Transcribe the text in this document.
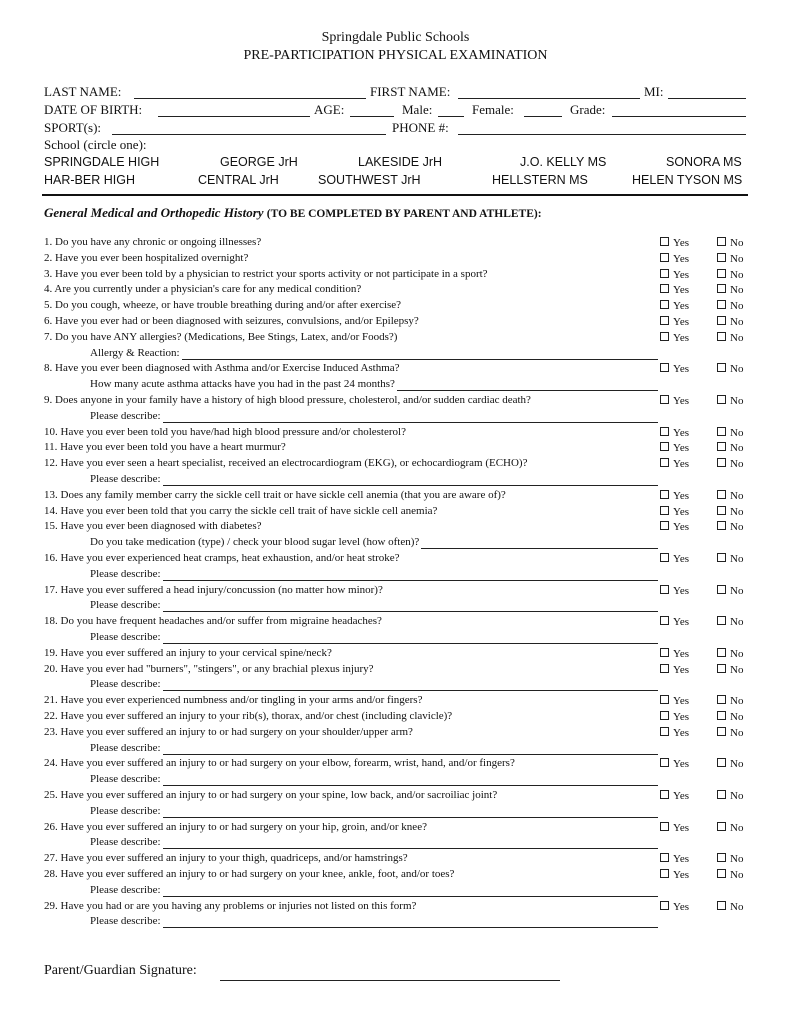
Springdale Public Schools
PRE-PARTICIPATION PHYSICAL EXAMINATION
LAST NAME:	FIRST NAME:	MI:
DATE OF BIRTH:	AGE:	Male:	Female:	Grade:
SPORT(s):	PHONE #:
School (circle one):
SPRINGDALE HIGH	GEORGE JrH	LAKESIDE JrH	J.O. KELLY MS	SONORA MS
HAR-BER HIGH	CENTRAL JrH	SOUTHWEST JrH	HELLSTERN MS	HELEN TYSON MS
General Medical and Orthopedic History (TO BE COMPLETED BY PARENT AND ATHLETE):
1. Do you have any chronic or ongoing illnesses?	Yes	No
2. Have you ever been hospitalized overnight?	Yes	No
3. Have you ever been told by a physician to restrict your sports activity or not participate in a sport?	Yes	No
4. Are you currently under a physician's care for any medical condition?	Yes	No
5. Do you cough, wheeze, or have trouble breathing during and/or after exercise?	Yes	No
6. Have you ever had or been diagnosed with seizures, convulsions, and/or Epilepsy?	Yes	No
7. Do you have ANY allergies? (Medications, Bee Stings, Latex, and/or Foods?)	Yes	No
Allergy & Reaction:
8. Have you ever been diagnosed with Asthma and/or Exercise Induced Asthma?	Yes	No
How many acute asthma attacks have you had in the past 24 months?
9. Does anyone in your family have a history of high blood pressure, cholesterol, and/or sudden cardiac death?	Yes	No
Please describe:
10. Have you ever been told you have/had high blood pressure and/or cholesterol?	Yes	No
11. Have you ever been told you have a heart murmur?	Yes	No
12. Have you ever seen a heart specialist, received an electrocardiogram (EKG), or echocardiogram (ECHO)?	Yes	No
Please describe:
13. Does any family member carry the sickle cell trait or have sickle cell anemia (that you are aware of)?	Yes	No
14. Have you ever been told that you carry the sickle cell trait of have sickle cell anemia?	Yes	No
15. Have you ever been diagnosed with diabetes?	Yes	No
Do you take medication (type) / check your blood sugar level (how often)?
16. Have you ever experienced heat cramps, heat exhaustion, and/or heat stroke?	Yes	No
Please describe:
17. Have you ever suffered a head injury/concussion (no matter how minor)?	Yes	No
Please describe:
18. Do you have frequent headaches and/or suffer from migraine headaches?	Yes	No
Please describe:
19. Have you ever suffered an injury to your cervical spine/neck?	Yes	No
20. Have you ever had "burners", "stingers", or any brachial plexus injury?	Yes	No
Please describe:
21. Have you ever experienced numbness and/or tingling in your arms and/or fingers?	Yes	No
22. Have you ever suffered an injury to your rib(s), thorax, and/or chest (including clavicle)?	Yes	No
23. Have you ever suffered an injury to or had surgery on your shoulder/upper arm?	Yes	No
Please describe:
24. Have you ever suffered an injury to or had surgery on your elbow, forearm, wrist, hand, and/or fingers?	Yes	No
Please describe:
25. Have you ever suffered an injury to or had surgery on your spine, low back, and/or sacroiliac joint?	Yes	No
Please describe:
26. Have you ever suffered an injury to or had surgery on your hip, groin, and/or knee?	Yes	No
Please describe:
27. Have you ever suffered an injury to your thigh, quadriceps, and/or hamstrings?	Yes	No
28. Have you ever suffered an injury to or had surgery on your knee, ankle, foot, and/or toes?	Yes	No
Please describe:
29. Have you had or are you having any problems or injuries not listed on this form?	Yes	No
Please describe:
Parent/Guardian Signature:
